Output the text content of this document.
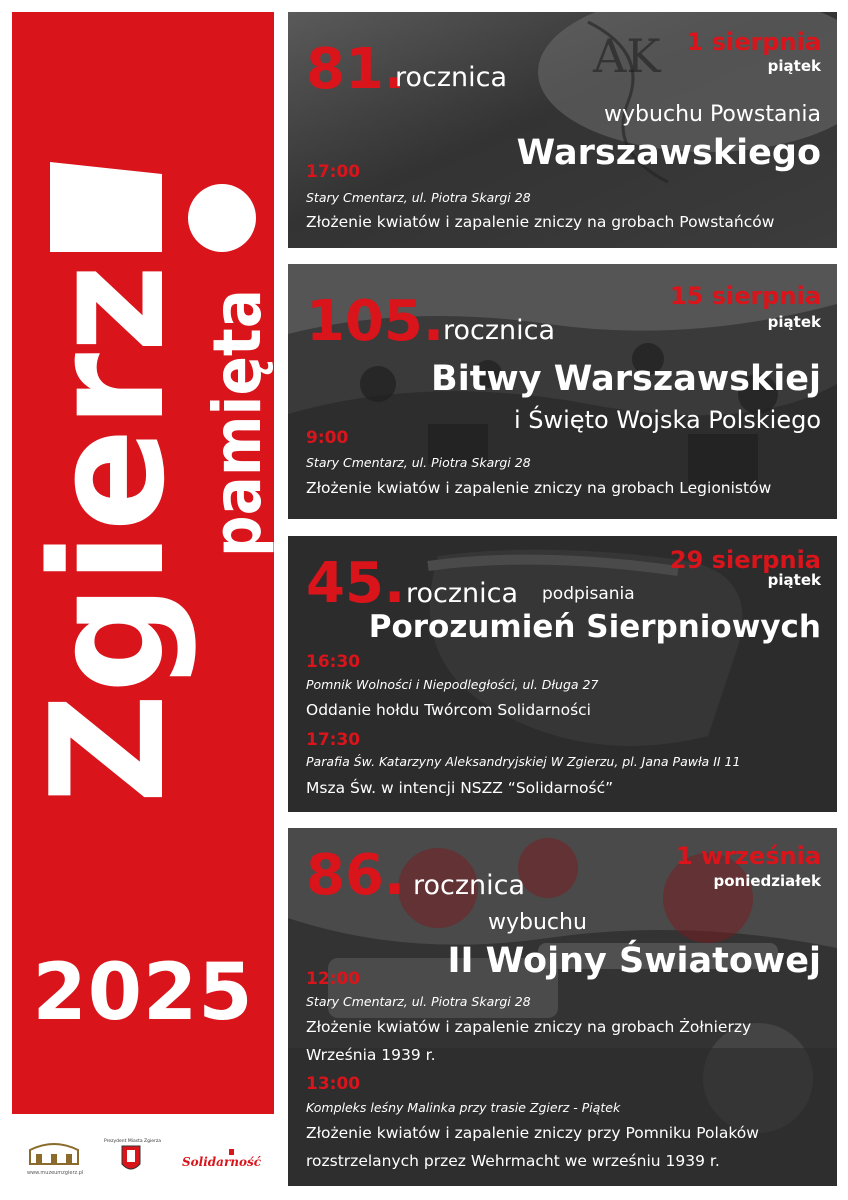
Zgierz pamięta
2025
AK
81.
rocznica
1 sierpnia
piątek
wybuchu Powstania
Warszawskiego
17:00
Stary Cmentarz, ul. Piotra Skargi 28
Złożenie kwiatów i zapalenie zniczy na grobach Powstańców
105.
rocznica
15 sierpnia
piątek
Bitwy Warszawskiej
i Święto Wojska Polskiego
9:00
Stary Cmentarz, ul. Piotra Skargi 28
Złożenie kwiatów i zapalenie zniczy na grobach Legionistów
45. rocznica podpisania
29 sierpnia
piątek
Porozumień Sierpniowych
16:30
Pomnik Wolności i Niepodległości, ul. Długa 27
Oddanie hołdu Twórcom Solidarności
17:30
Parafia Św. Katarzyny Aleksandryjskiej W Zgierzu, pl. Jana Pawła II 11
Msza Św. w intencji NSZZ “Solidarność”
86. rocznica
1 września
poniedziałek
wybuchu
II Wojny Światowej
12:00
Stary Cmentarz, ul. Piotra Skargi 28
Złożenie kwiatów i zapalenie zniczy na grobach Żołnierzy
Września 1939 r.
13:00
Kompleks leśny Malinka przy trasie Zgierz - Piątek
Złożenie kwiatów i zapalenie zniczy przy Pomniku Polaków
rozstrzelanych przez Wehrmacht we wrześniu 1939 r.
www.muzeumzgierz.pl
Prezydent Miasta Zgierza
Solidarność
